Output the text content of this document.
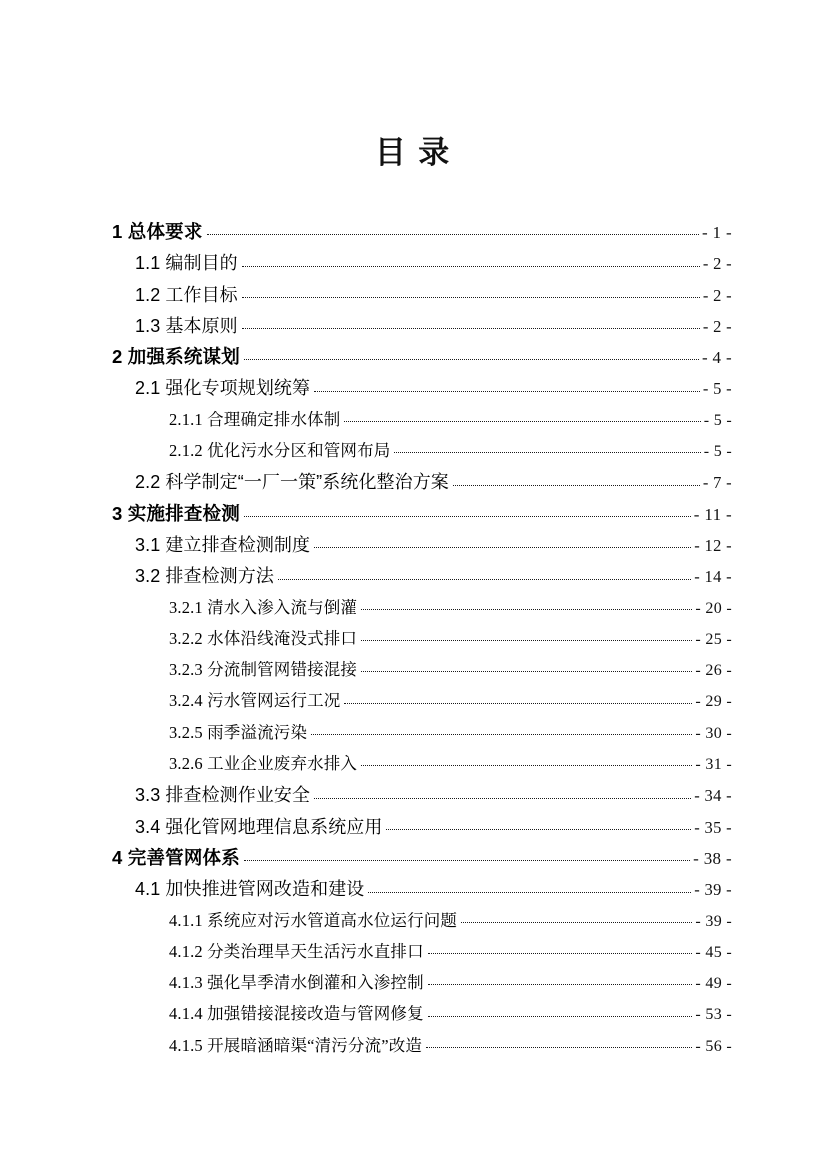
目 录
1 总体要求	- 1 -
1.1 编制目的	- 2 -
1.2 工作目标	- 2 -
1.3 基本原则	- 2 -
2 加强系统谋划	- 4 -
2.1 强化专项规划统筹	- 5 -
2.1.1 合理确定排水体制	- 5 -
2.1.2 优化污水分区和管网布局	- 5 -
2.2 科学制定“一厂一策”系统化整治方案	- 7 -
3 实施排查检测	- 11 -
3.1 建立排查检测制度	- 12 -
3.2 排查检测方法	- 14 -
3.2.1 清水入渗入流与倒灌	- 20 -
3.2.2 水体沿线淹没式排口	- 25 -
3.2.3 分流制管网错接混接	- 26 -
3.2.4 污水管网运行工况	- 29 -
3.2.5 雨季溢流污染	- 30 -
3.2.6 工业企业废弃水排入	- 31 -
3.3 排查检测作业安全	- 34 -
3.4 强化管网地理信息系统应用	- 35 -
4 完善管网体系	- 38 -
4.1 加快推进管网改造和建设	- 39 -
4.1.1 系统应对污水管道高水位运行问题	- 39 -
4.1.2 分类治理旱天生活污水直排口	- 45 -
4.1.3 强化旱季清水倒灌和入渗控制	- 49 -
4.1.4 加强错接混接改造与管网修复	- 53 -
4.1.5 开展暗涵暗渠“清污分流”改造	- 56 -
